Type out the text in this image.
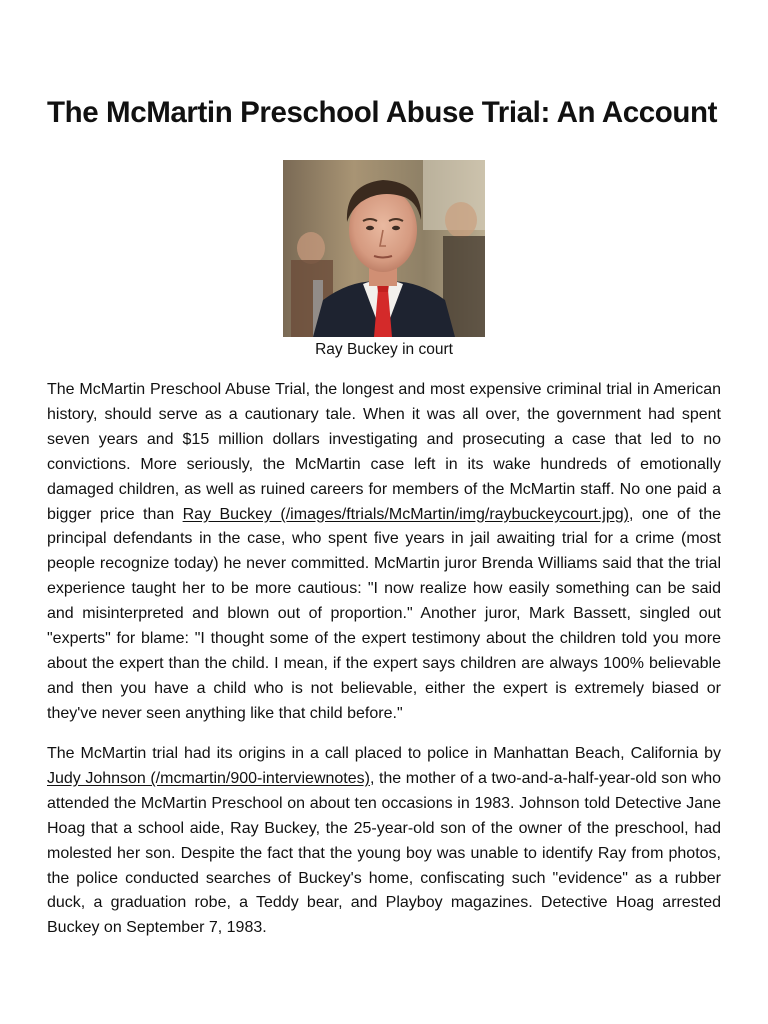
The McMartin Preschool Abuse Trial: An Account
Ray Buckey in court

The McMartin Preschool Abuse Trial, the longest and most expensive criminal trial in American history, should serve as a cautionary tale. When it was all over, the government had spent seven years and $15 million dollars investigating and prosecuting a case that led to no convictions. More seriously, the McMartin case left in its wake hundreds of emotionally damaged children, as well as ruined careers for members of the McMartin staff. No one paid a bigger price than Ray Buckey (/images/ftrials/McMartin/img/raybuckeycourt.jpg), one of the principal defendants in the case, who spent five years in jail awaiting trial for a crime (most people recognize today) he never committed. McMartin juror Brenda Williams said that the trial experience taught her to be more cautious: "I now realize how easily something can be said and misinterpreted and blown out of proportion." Another juror, Mark Bassett, singled out "experts" for blame: "I thought some of the expert testimony about the children told you more about the expert than the child. I mean, if the expert says children are always 100% believable and then you have a child who is not believable, either the expert is extremely biased or they've never seen anything like that child before."

The McMartin trial had its origins in a call placed to police in Manhattan Beach, California by Judy Johnson (/mcmartin/900-interviewnotes), the mother of a two-and-a-half-year-old son who attended the McMartin Preschool on about ten occasions in 1983. Johnson told Detective Jane Hoag that a school aide, Ray Buckey, the 25-year-old son of the owner of the preschool, had molested her son. Despite the fact that the young boy was unable to identify Ray from photos, the police conducted searches of Buckey's home, confiscating such "evidence" as a rubber duck, a graduation robe, a Teddy bear, and Playboy magazines. Detective Hoag arrested Buckey on September 7, 1983.
